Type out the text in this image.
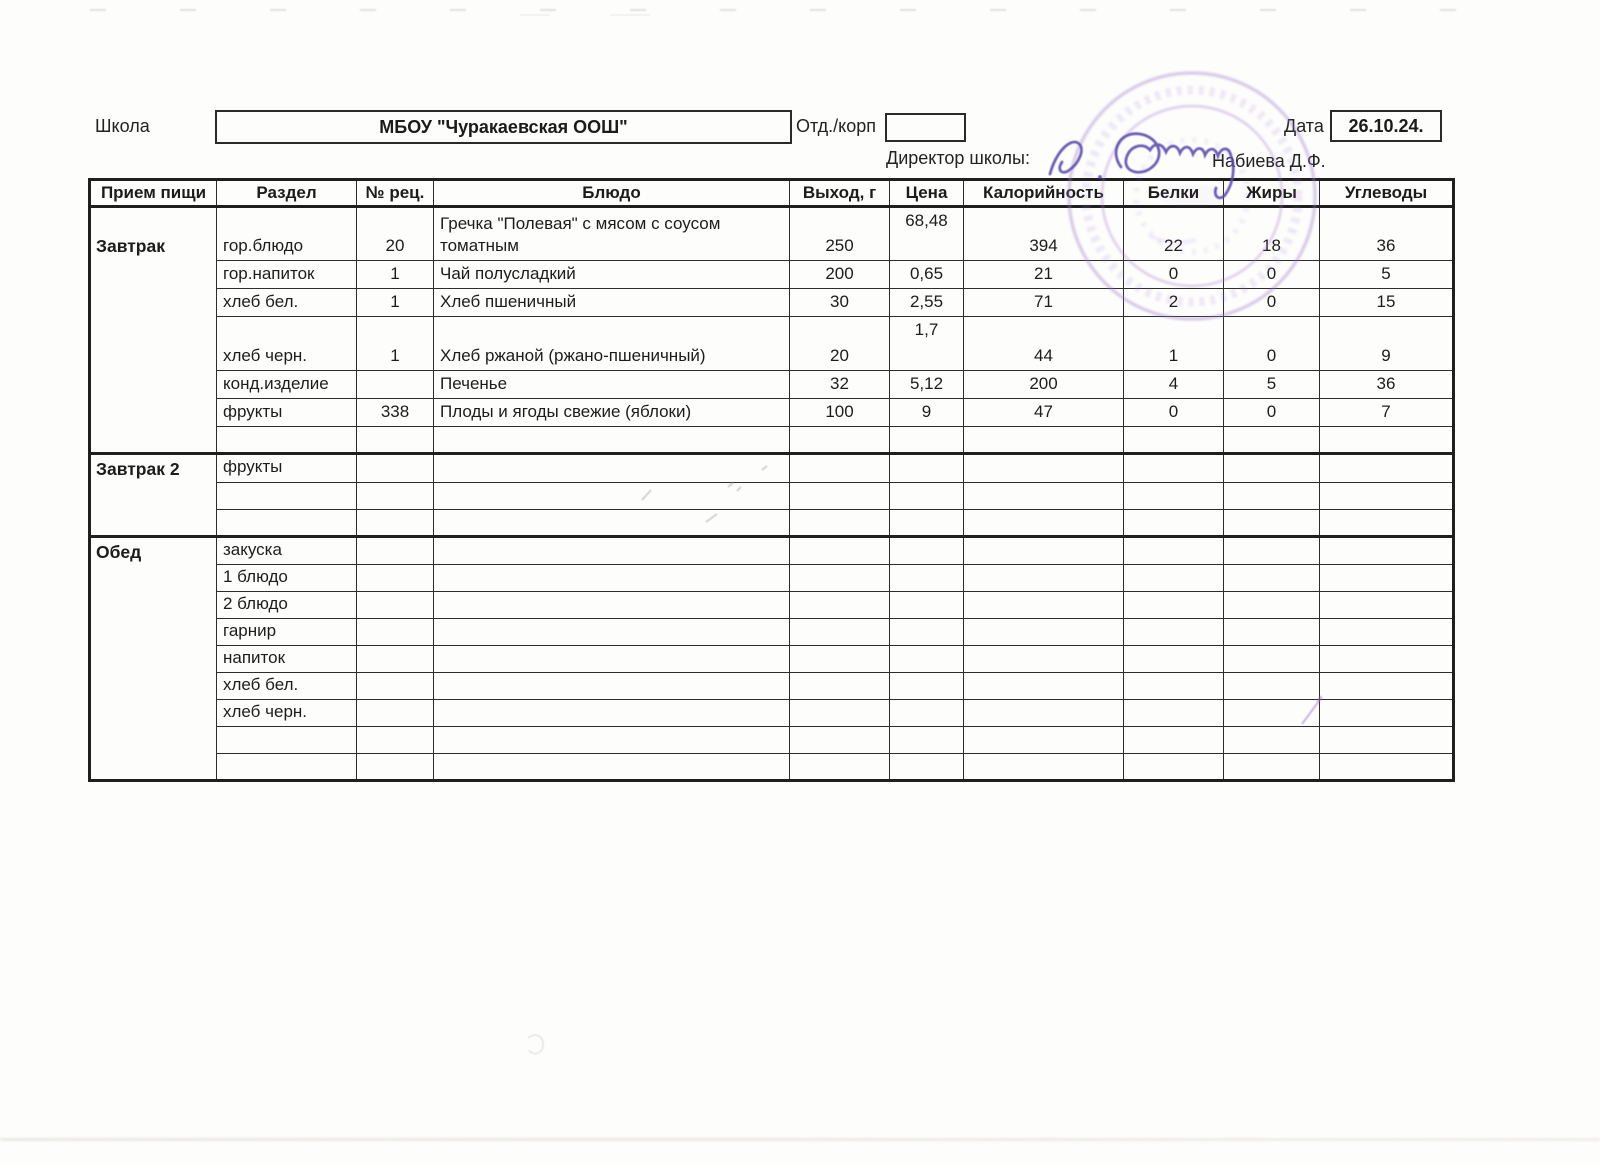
Школа	МБОУ "Чуракаевская ООШ"	Отд./корп	Дата 26.10.24.
Директор школы:	Набиева Д.Ф.
Прием пищи	Раздел	№ рец.	Блюдо	Выход, г	Цена	Калорийность	Белки	Жиры	Углеводы
Завтрак	гор.блюдо	20	Гречка "Полевая" с мясом с соусом томатным	250	68,48	394	22	18	36
	гор.напиток	1	Чай полусладкий	200	0,65	21	0	0	5
	хлеб бел.	1	Хлеб пшеничный	30	2,55	71	2	0	15
	хлеб черн.	1	Хлеб ржаной (ржано-пшеничный)	20	1,7	44	1	0	9
	конд.изделие		Печенье	32	5,12	200	4	5	36
	фрукты	338	Плоды и ягоды свежие (яблоки)	100	9	47	0	0	7

Завтрак 2	фрукты								

Обед	закуска								
	1 блюдо								
	2 блюдо								
	гарнир								
	напиток								
	хлеб бел.								
	хлеб черн.								
